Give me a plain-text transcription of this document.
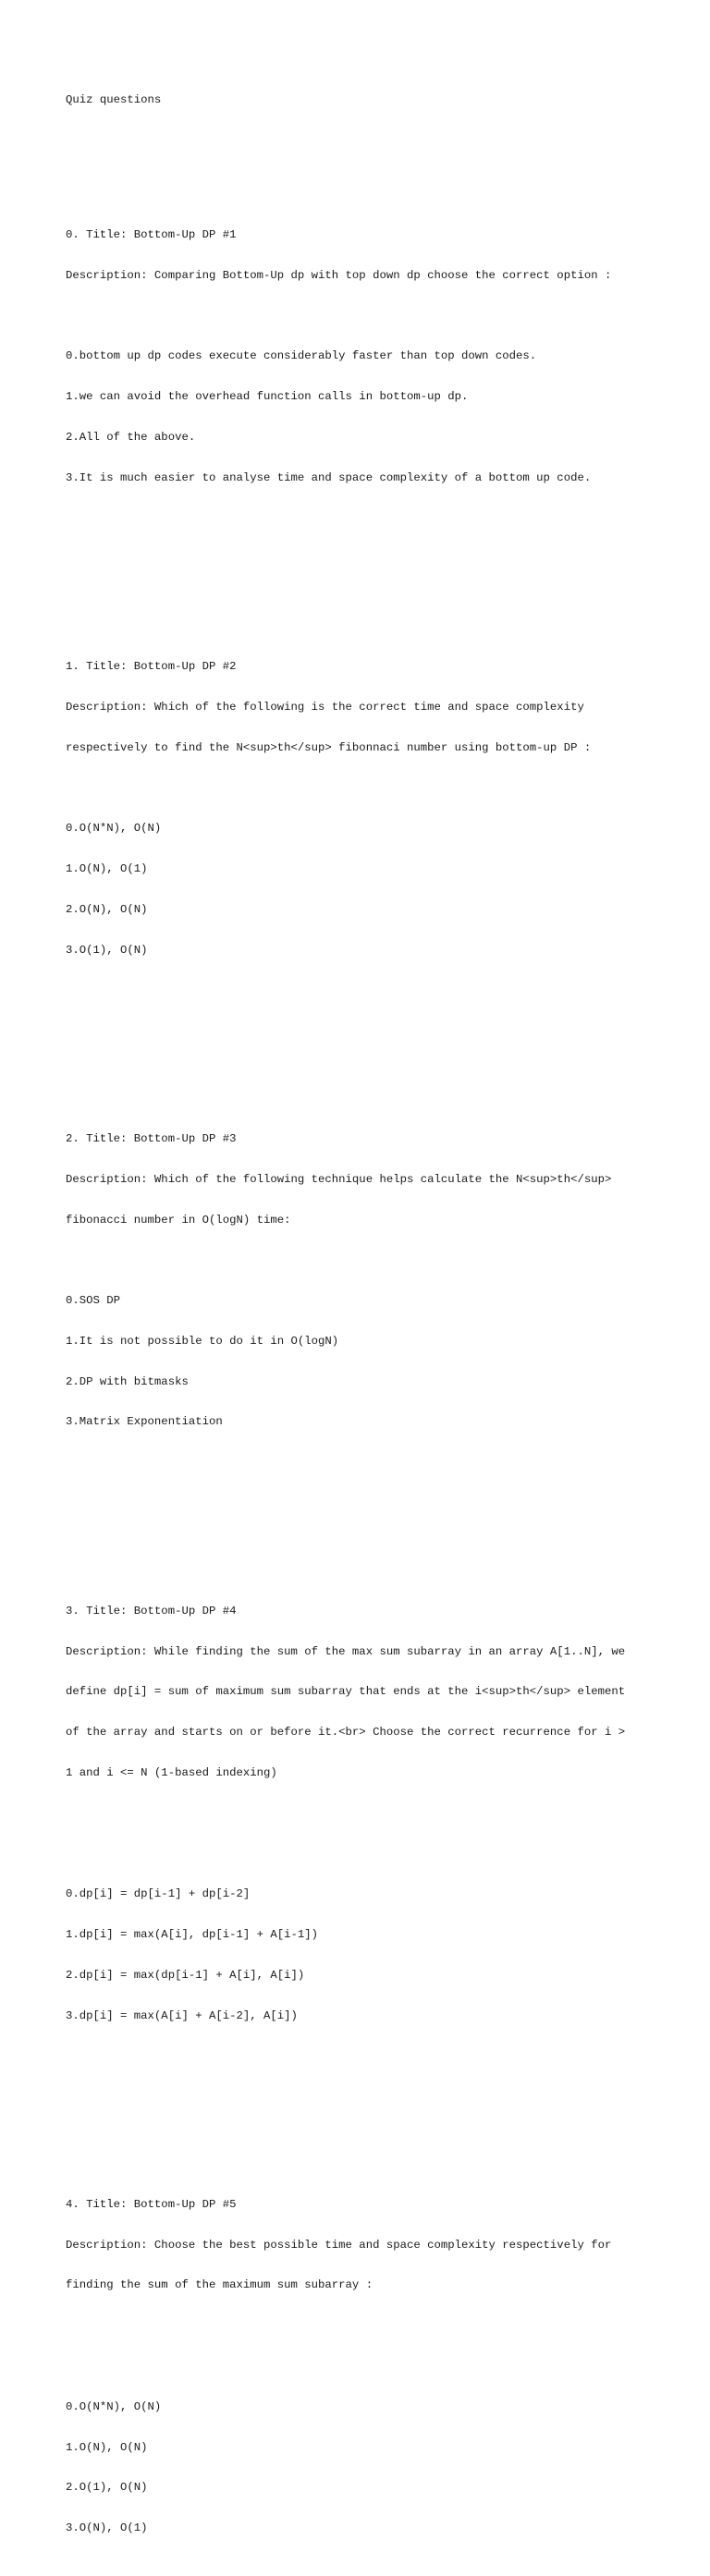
Quiz questions

0. Title: Bottom-Up DP #1

Description: Comparing Bottom-Up dp with top down dp choose the correct option :

0.bottom up dp codes execute considerably faster than top down codes.

1.we can avoid the overhead function calls in bottom-up dp.

2.All of the above.

3.It is much easier to analyse time and space complexity of a bottom up code.

1. Title: Bottom-Up DP #2

Description: Which of the following is the correct time and space complexity

respectively to find the N<sup>th</sup> fibonnaci number using bottom-up DP :

0.O(N*N), O(N)

1.O(N), O(1)

2.O(N), O(N)

3.O(1), O(N)

2. Title: Bottom-Up DP #3

Description: Which of the following technique helps calculate the N<sup>th</sup>

fibonacci number in O(logN) time:

0.SOS DP

1.It is not possible to do it in O(logN)

2.DP with bitmasks

3.Matrix Exponentiation

3. Title: Bottom-Up DP #4

Description: While finding the sum of the max sum subarray in an array A[1..N], we

define dp[i] = sum of maximum sum subarray that ends at the i<sup>th</sup> element

of the array and starts on or before it.<br> Choose the correct recurrence for i >

1 and i <= N (1-based indexing)

0.dp[i] = dp[i-1] + dp[i-2]

1.dp[i] = max(A[i], dp[i-1] + A[i-1])

2.dp[i] = max(dp[i-1] + A[i], A[i])

3.dp[i] = max(A[i] + A[i-2], A[i])

4. Title: Bottom-Up DP #5

Description: Choose the best possible time and space complexity respectively for

finding the sum of the maximum sum subarray :

0.O(N*N), O(N)

1.O(N), O(N)

2.O(1), O(N)

3.O(N), O(1)
